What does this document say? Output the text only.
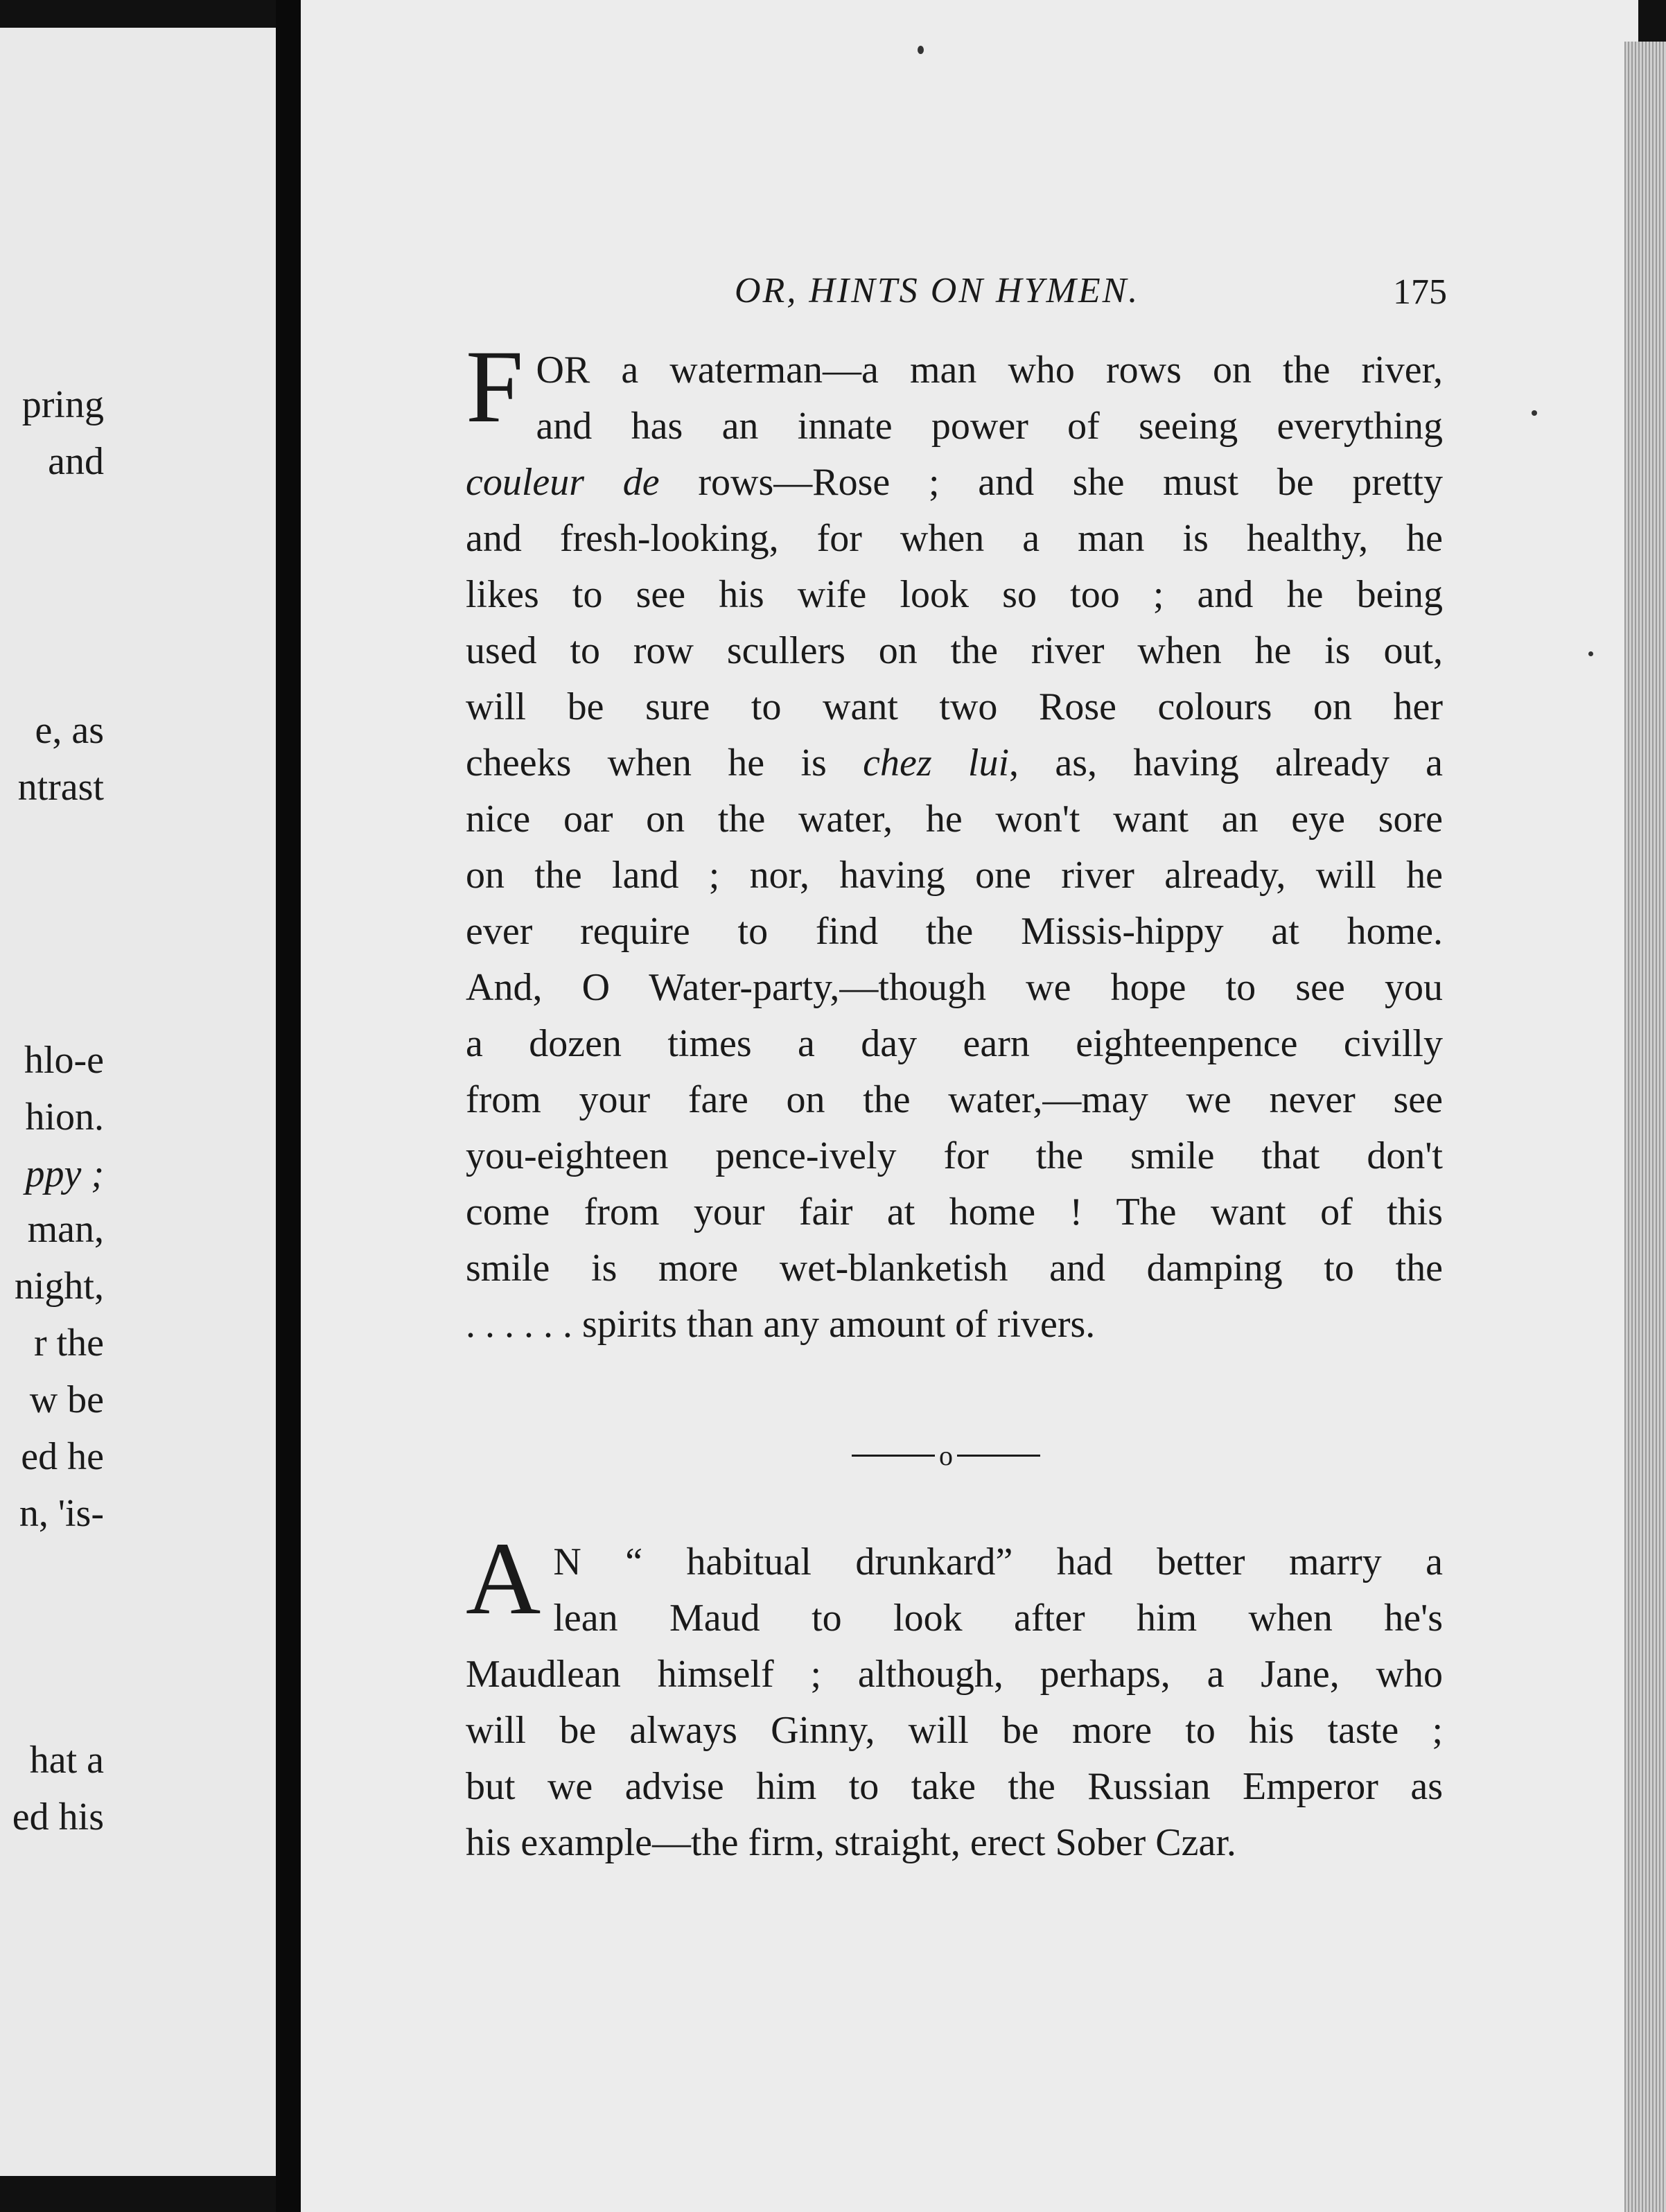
pring
and
e, as
ntrast
hlo-e
hion.
ppy ;
man,
night,
r the
w be
ed he
n, 'is-
hat a
ed his
OR, HINTS ON HYMEN.	175
F OR a waterman—a man who rows on the river,
and has an innate power of seeing everything
couleur de rows—Rose ; and she must be pretty
and fresh-looking, for when a man is healthy, he
likes to see his wife look so too ; and he being
used to row scullers on the river when he is out,
will be sure to want two Rose colours on her
cheeks when he is chez lui, as, having already a
nice oar on the water, he won't want an eye sore
on the land ; nor, having one river already, will he
ever require to find the Missis-hippy at home.
And, O Water-party,—though we hope to see you
a dozen times a day earn eighteenpence civilly
from your fare on the water,—may we never see
you-eighteen pence-ively for the smile that don't
come from your fair at home ! The want of this
smile is more wet-blanketish and damping to the
. . . . . . spirits than any amount of rivers.
o
A N “ habitual drunkard” had better marry a
lean Maud to look after him when he's
Maudlean himself ; although, perhaps, a Jane, who
will be always Ginny, will be more to his taste ;
but we advise him to take the Russian Emperor as
his example—the firm, straight, erect Sober Czar.
